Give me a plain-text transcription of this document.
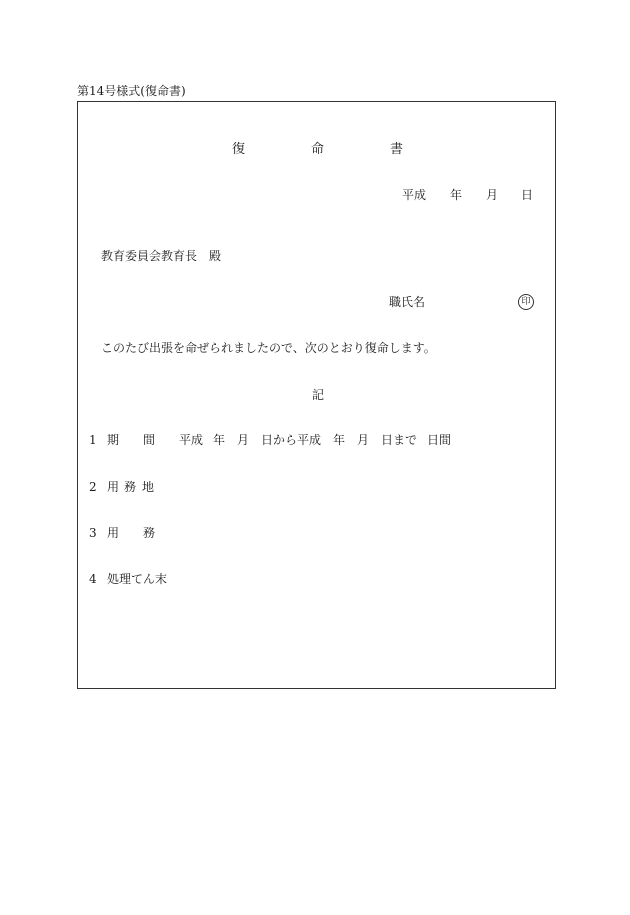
第14号様式(復命書)
復	命	書
平成 年 月 日
教育委員会教育長 殿
職氏名	印
このたび出張を命ぜられましたので、次のとおり復命します。
記
1 期 間 平成 年 月 日から平成 年 月 日まで 日間
2 用 務 地
3 用 務
4 処理てん末
